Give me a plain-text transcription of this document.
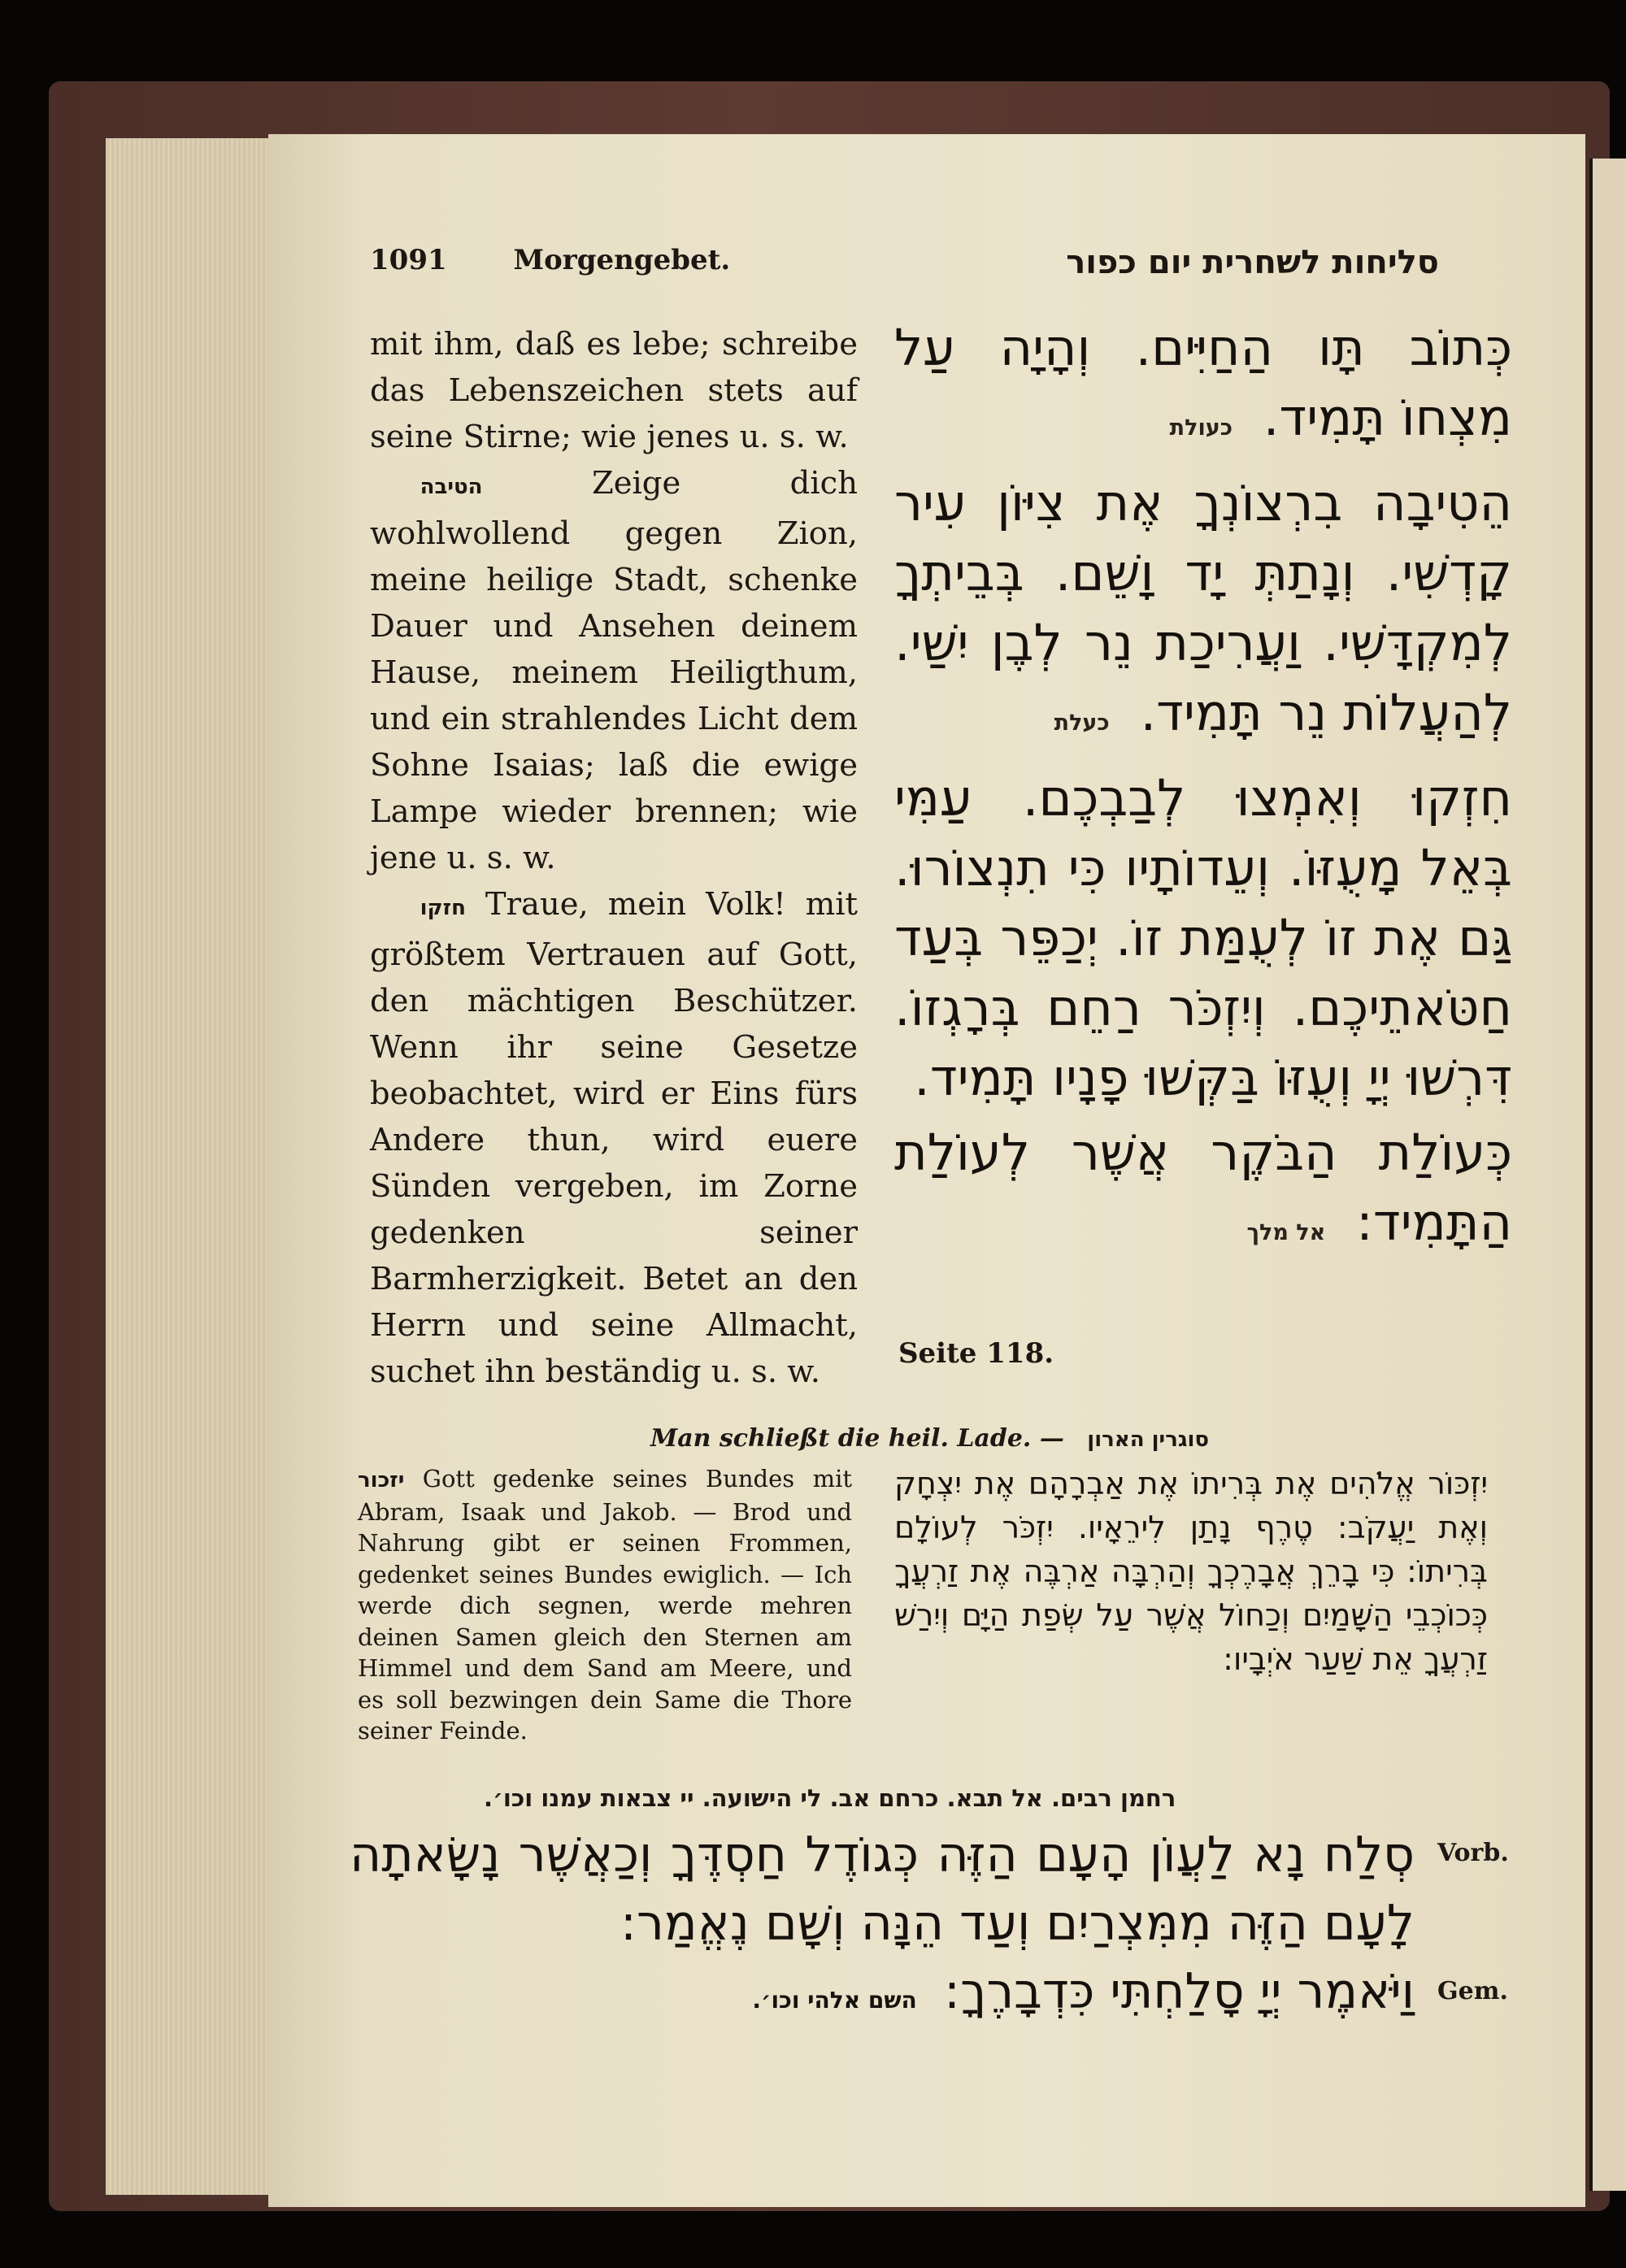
1091 Morgengebet.	סליחות לשחרית יום כפור

mit ihm, daß es lebe; schreibe das Lebenszeichen stets auf seine Stirne; wie jenes u. s. w.

הטיבה	Zeige dich wohlwollend gegen Zion, meine heilige Stadt, schenke Dauer und Ansehen deinem Hause, meinem Heiligthum, und ein strahlendes Licht dem Sohne Isaias; laß die ewige Lampe wieder brennen; wie jene u. s. w.

חזקו Traue, mein Volk! mit größtem Vertrauen auf Gott, den mächtigen Beschützer. Wenn ihr seine Gesetze beobachtet, wird er Eins fürs Andere thun, wird euere Sünden vergeben, im Zorne gedenken seiner Barmherzigkeit. Betet an den Herrn und seine Allmacht, suchet ihn beständig u. s. w.

כְּתוֹב תָּו הַחַיִּים. וְהָיָה עַל מִצְחוֹ תָּמִיד. כעולת

הֵטִיבָה בִרְצוֹנְךָ אֶת צִיּוֹן עִיר קָדְשִׁי. וְנָתַתְּ יָד וָשֵׁם. בְּבֵיתְךָ לְמִקְדָּשִׁי. וַעֲרִיכַת נֵר לְבֶן יִשַׁי. לְהַעֲלוֹת נֵר תָּמִיד. כעלת

חִזְקוּ וְאִמְצוּ לְבַבְכֶם. עַמִּי בְּאֵל מָעֻזּוֹ. וְעֵדוֹתָיו כִּי תִנְצוֹרוּ. גַּם אֶת זוֹ לְעֻמַּת זוֹ. יְכַפֵּר בְּעַד חַטֹּאתֵיכֶם. וְיִזְכֹּר רַחֵם בְּרָגְזוֹ. דִּרְשׁוּ יְיָ וְעֻזּוֹ בַּקְּשׁוּ פָנָיו תָּמִיד.

כְּעוֹלַת הַבֹּקֶר אֲשֶׁר לְעוֹלַת הַתָּמִיד: אל מלך

Seite 118.
Man schließt die heil. Lade. — סוגרין הארון

יזכור Gott gedenke seines Bundes mit Abram, Isaak und Jakob. — Brod und Nahrung gibt er seinen Frommen, gedenket seines Bundes ewiglich. — Ich werde dich segnen, werde mehren deinen Samen gleich den Sternen am Himmel und dem Sand am Meere, und es soll bezwingen dein Same die Thore seiner Feinde.

יִזְכּוֹר אֱלֹהִים אֶת בְּרִיתוֹ אֶת אַבְרָהָם אֶת יִצְחָק וְאֶת יַעֲקֹב: טֶרֶף נָתַן לִירֵאָיו. יִזְכֹּר לְעוֹלָם בְּרִיתוֹ: כִּי בָרֵךְ אֲבָרֶכְךָ וְהַרְבָּה אַרְבֶּה אֶת זַרְעֲךָ כְּכוֹכְבֵי הַשָּׁמַיִם וְכַחוֹל אֲשֶׁר עַל שְׂפַת הַיָּם וְיִרַשׁ זַרְעֲךָ אֵת שַׁעַר אֹיְבָיו:

רחמן רבים. אל תבא. כרחם אב. לי הישועה. יי צבאות עמנו וכו׳.
Vorb.
Gem.

סְלַח נָא לַעֲוֹן הָעָם הַזֶּה כְּגוֹדֶל חַסְדֶּךָ וְכַאֲשֶׁר נָשָׂאתָה לָעָם הַזֶּה מִמִּצְרַיִם וְעַד הֵנָּה וְשָׁם נֶאֱמַר:

וַיֹּאמֶר יְיָ סָלַחְתִּי כִּדְבָרֶךָ: השם אלהי וכו׳.
